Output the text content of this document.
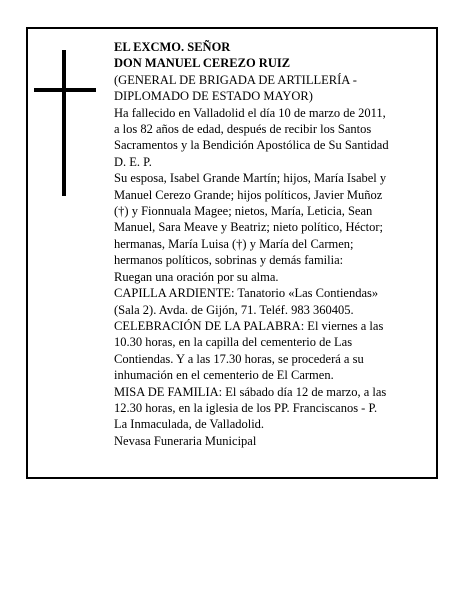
EL EXCMO. SEÑOR

DON MANUEL CEREZO RUIZ

(GENERAL DE BRIGADA DE ARTILLERÍA -
DIPLOMADO DE ESTADO MAYOR)

Ha fallecido en Valladolid el día 10 de marzo de 2011,
a los 82 años de edad, después de recibir los Santos
Sacramentos y la Bendición Apostólica de Su Santidad
D. E. P.

Su esposa, Isabel Grande Martín; hijos, María Isabel y
Manuel Cerezo Grande; hijos políticos, Javier Muñoz
(†) y Fionnuala Magee; nietos, María, Leticia, Sean
Manuel, Sara Meave y Beatriz; nieto político, Héctor;
hermanas, María Luisa (†) y María del Carmen;
hermanos políticos, sobrinas y demás familia:

Ruegan una oración por su alma.

CAPILLA ARDIENTE: Tanatorio «Las Contiendas»
(Sala 2). Avda. de Gijón, 71. Teléf. 983 360405.

CELEBRACIÓN DE LA PALABRA: El viernes a las
10.30 horas, en la capilla del cementerio de Las
Contiendas. Y a las 17.30 horas, se procederá a su
inhumación en el cementerio de El Carmen.

MISA DE FAMILIA: El sábado día 12 de marzo, a las
12.30 horas, en la iglesia de los PP. Franciscanos - P.
La Inmaculada, de Valladolid.

Nevasa Funeraria Municipal
